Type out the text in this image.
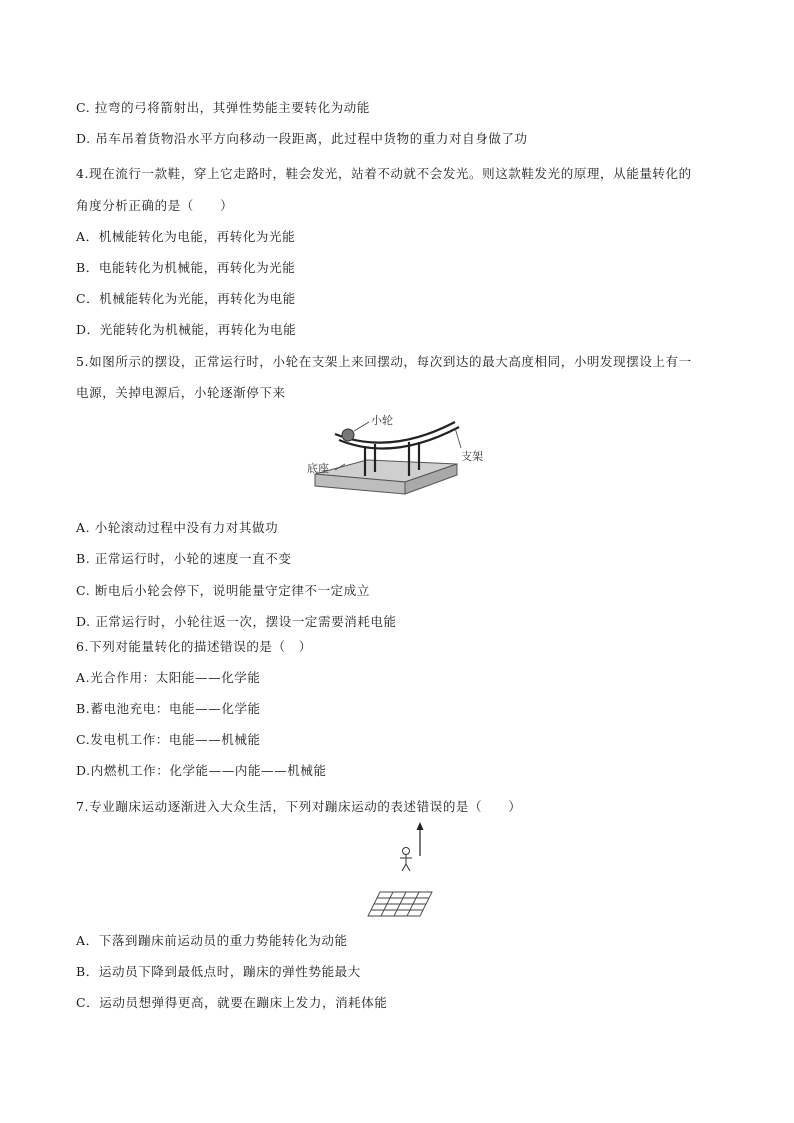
C. 拉弯的弓将箭射出，其弹性势能主要转化为动能
D. 吊车吊着货物沿水平方向移动一段距离，此过程中货物的重力对自身做了功
4.现在流行一款鞋，穿上它走路时，鞋会发光，站着不动就不会发光。则这款鞋发光的原理，从能量转化的
角度分析正确的是（　　）
A．机械能转化为电能，再转化为光能
B．电能转化为机械能，再转化为光能
C．机械能转化为光能，再转化为电能
D．光能转化为机械能，再转化为电能
5.如图所示的摆设，正常运行时，小轮在支架上来回摆动，每次到达的最大高度相同，小明发现摆设上有一
电源，关掉电源后，小轮逐渐停下来
小轮
支架
底座
A. 小轮滚动过程中没有力对其做功
B. 正常运行时，小轮的速度一直不变
C. 断电后小轮会停下，说明能量守定律不一定成立
D. 正常运行时，小轮往返一次，摆设一定需要消耗电能
6.下列对能量转化的描述错误的是（　）
A.光合作用：太阳能——化学能
B.蓄电池充电：电能——化学能
C.发电机工作：电能——机械能
D.内燃机工作：化学能——内能——机械能
7.专业蹦床运动逐渐进入大众生活，下列对蹦床运动的表述错误的是（　　）
A．下落到蹦床前运动员的重力势能转化为动能
B．运动员下降到最低点时，蹦床的弹性势能最大
C．运动员想弹得更高，就要在蹦床上发力，消耗体能
